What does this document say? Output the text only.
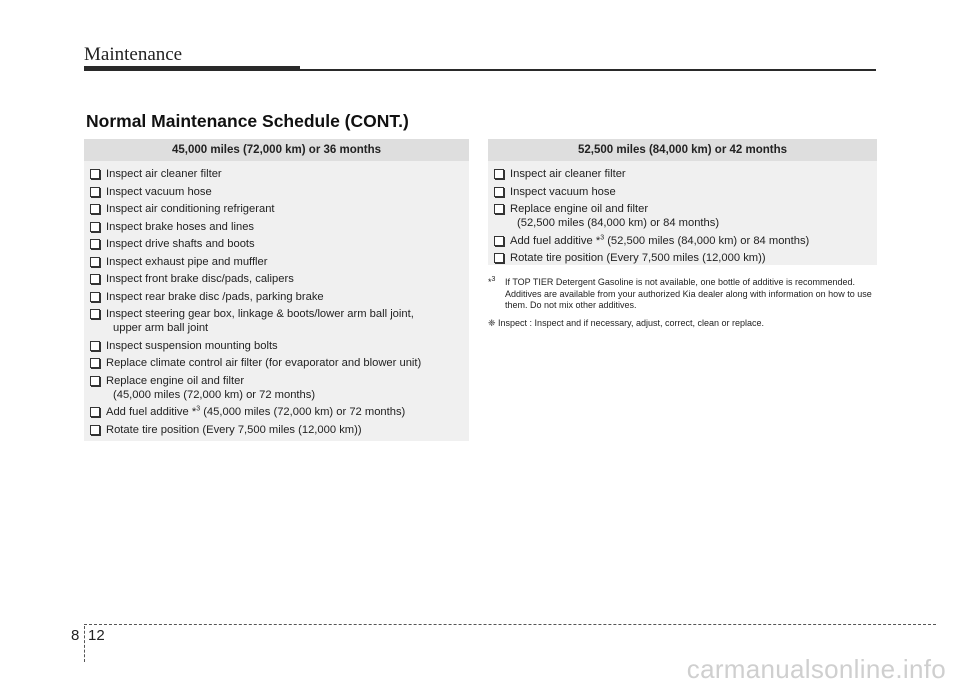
Maintenance
Normal Maintenance Schedule (CONT.)
45,000 miles (72,000 km) or 36 months
Inspect air cleaner filter
Inspect vacuum hose
Inspect air conditioning refrigerant
Inspect brake hoses and lines
Inspect drive shafts and boots
Inspect exhaust pipe and muffler
Inspect front brake disc/pads, calipers
Inspect rear brake disc /pads, parking brake
Inspect steering gear box, linkage & boots/lower arm ball joint,
upper arm ball joint
Inspect suspension mounting bolts
Replace climate control air filter (for evaporator and blower unit)
Replace engine oil and filter
(45,000 miles (72,000 km) or 72 months)
Add fuel additive *$^3$ (45,000 miles (72,000 km) or 72 months)
Rotate tire position (Every 7,500 miles (12,000 km))
52,500 miles (84,000 km) or 42 months
Inspect air cleaner filter
Inspect vacuum hose
Replace engine oil and filter
(52,500 miles (84,000 km) or 84 months)
Add fuel additive *$^3$ (52,500 miles (84,000 km) or 84 months)
Rotate tire position (Every 7,500 miles (12,000 km))
*$^3$	If TOP TIER Detergent Gasoline is not available, one bottle of additive is recommended. Additives are available from your authorized Kia dealer along with information on how to use them. Do not mix other additives.
❈ Inspect : Inspect and if necessary, adjust, correct, clean or replace.
8 12
carmanualsonline.info
